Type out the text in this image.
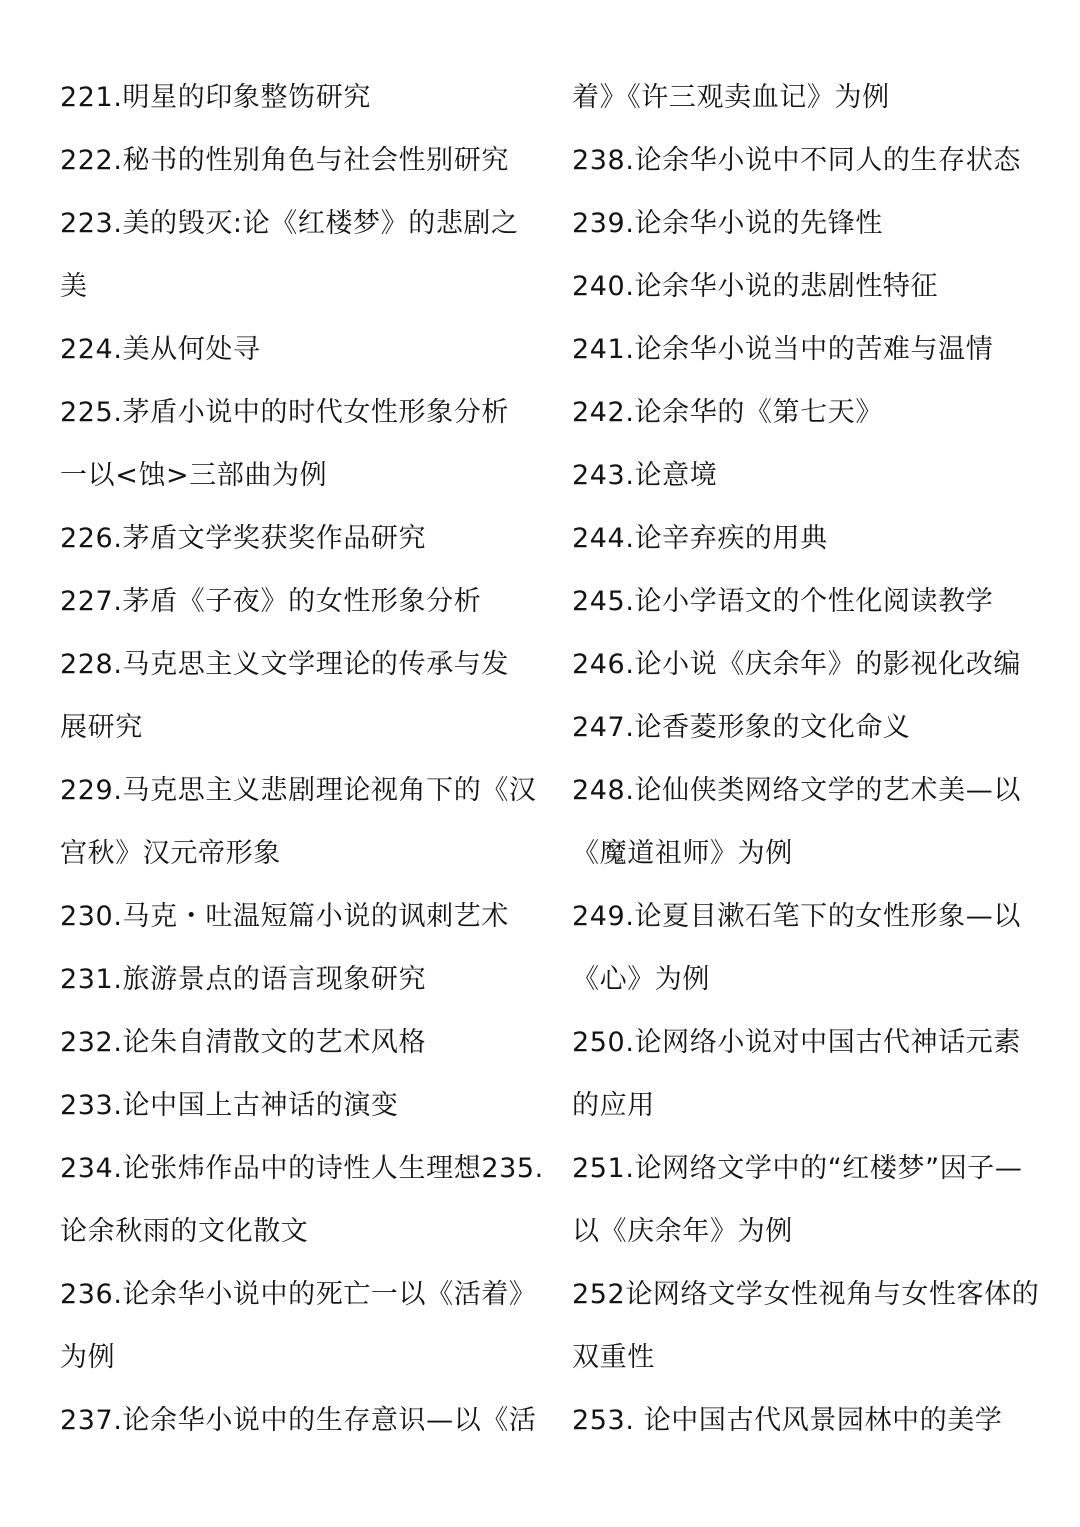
221.明星的印象整饬研究
222.秘书的性别角色与社会性别研究
223.美的毁灭:论《红楼梦》的悲剧之
美
224.美从何处寻
225.茅盾小说中的时代女性形象分析
一以<蚀>三部曲为例
226.茅盾文学奖获奖作品研究
227.茅盾《子夜》的女性形象分析
228.马克思主义文学理论的传承与发
展研究
229.马克思主义悲剧理论视角下的《汉
宫秋》汉元帝形象
230.马克・吐温短篇小说的讽刺艺术
231.旅游景点的语言现象研究
232.论朱自清散文的艺术风格
233.论中国上古神话的演变
234.论张炜作品中的诗性人生理想235.
论余秋雨的文化散文
236.论余华小说中的死亡一以《活着》
为例
237.论余华小说中的生存意识—以《活
着》《许三观卖血记》为例
238.论余华小说中不同人的生存状态
239.论余华小说的先锋性
240.论余华小说的悲剧性特征
241.论余华小说当中的苦难与温情
242.论余华的《第七天》
243.论意境
244.论辛弃疾的用典
245.论小学语文的个性化阅读教学
246.论小说《庆余年》的影视化改编
247.论香菱形象的文化命义
248.论仙侠类网络文学的艺术美—以
《魔道祖师》为例
249.论夏目漱石笔下的女性形象—以
《心》为例
250.论网络小说对中国古代神话元素
的应用
251.论网络文学中的“红楼梦”因子—
以《庆余年》为例
252论网络文学女性视角与女性客体的
双重性
253. 论中国古代风景园林中的美学
